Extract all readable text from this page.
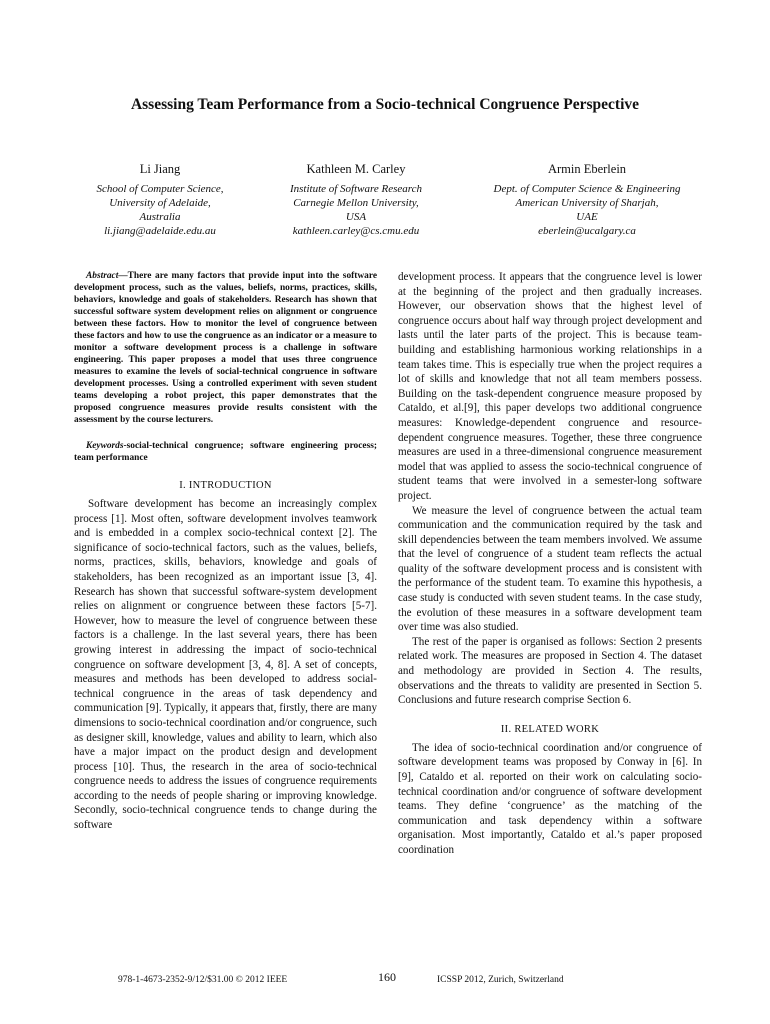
Assessing Team Performance from a Socio-technical Congruence Perspective
Li Jiang
School of Computer Science,
University of Adelaide,
Australia
li.jiang@adelaide.edu.au
Kathleen M. Carley
Institute of Software Research
Carnegie Mellon University,
USA
kathleen.carley@cs.cmu.edu
Armin Eberlein
Dept. of Computer Science & Engineering
American University of Sharjah,
UAE
eberlein@ucalgary.ca

Abstract—There are many factors that provide input into the software development process, such as the values, beliefs, norms, practices, skills, behaviors, knowledge and goals of stakeholders. Research has shown that successful software system development relies on alignment or congruence between these factors. How to monitor the level of congruence between these factors and how to use the congruence as an indicator or a measure to monitor a software development process is a challenge in software engineering. This paper proposes a model that uses three congruence measures to examine the levels of social-technical congruence in software development processes. Using a controlled experiment with seven student teams developing a robot project, this paper demonstrates that the proposed congruence measures provide results consistent with the assessment by the course lecturers.

Keywords-social-technical congruence; software engineering process; team performance

I. INTRODUCTION

Software development has become an increasingly complex process [1]. Most often, software development involves teamwork and is embedded in a complex socio-technical context [2]. The significance of socio-technical factors, such as the values, beliefs, norms, practices, skills, behaviors, knowledge and goals of stakeholders, has been recognized as an important issue [3, 4]. Research has shown that successful software-system development relies on alignment or congruence between these factors [5-7]. However, how to measure the level of congruence between these factors is a challenge. In the last several years, there has been growing interest in addressing the impact of socio-technical congruence on software development [3, 4, 8]. A set of concepts, measures and methods has been developed to address social-technical congruence in the areas of task dependency and communication [9]. Typically, it appears that, firstly, there are many dimensions to socio-technical coordination and/or congruence, such as designer skill, knowledge, values and ability to learn, which also have a major impact on the product design and development process [10]. Thus, the research in the area of socio-technical congruence needs to address the issues of congruence requirements according to the needs of people sharing or improving knowledge. Secondly, socio-technical congruence tends to change during the software

development process. It appears that the congruence level is lower at the beginning of the project and then gradually increases. However, our observation shows that the highest level of congruence occurs about half way through project development and lasts until the later parts of the project. This is because team-building and establishing harmonious working relationships in a team takes time. This is especially true when the project requires a lot of skills and knowledge that not all team members possess. Building on the task-dependent congruence measure proposed by Cataldo, et al.[9], this paper develops two additional congruence measures: Knowledge-dependent congruence and resource-dependent congruence measures. Together, these three congruence measures are used in a three-dimensional congruence measurement model that was applied to assess the socio-technical congruence of student teams that were involved in a semester-long software project.

We measure the level of congruence between the actual team communication and the communication required by the task and skill dependencies between the team members involved. We assume that the level of congruence of a student team reflects the actual quality of the software development process and is consistent with the performance of the student team. To examine this hypothesis, a case study is conducted with seven student teams. In the case study, the evolution of these measures in a software development team over time was also studied.

The rest of the paper is organised as follows: Section 2 presents related work. The measures are proposed in Section 4. The dataset and methodology are provided in Section 4. The results, observations and the threats to validity are presented in Section 5. Conclusions and future research comprise Section 6.

II. RELATED WORK

The idea of socio-technical coordination and/or congruence of software development teams was proposed by Conway in [6]. In [9], Cataldo et al. reported on their work on calculating socio-technical coordination and/or congruence of software development teams. They define ‘congruence’ as the matching of the communication and task dependency within a software organisation. Most importantly, Cataldo et al.’s paper proposed coordination

978-1-4673-2352-9/12/$31.00 © 2012 IEEE	160	ICSSP 2012, Zurich, Switzerland
